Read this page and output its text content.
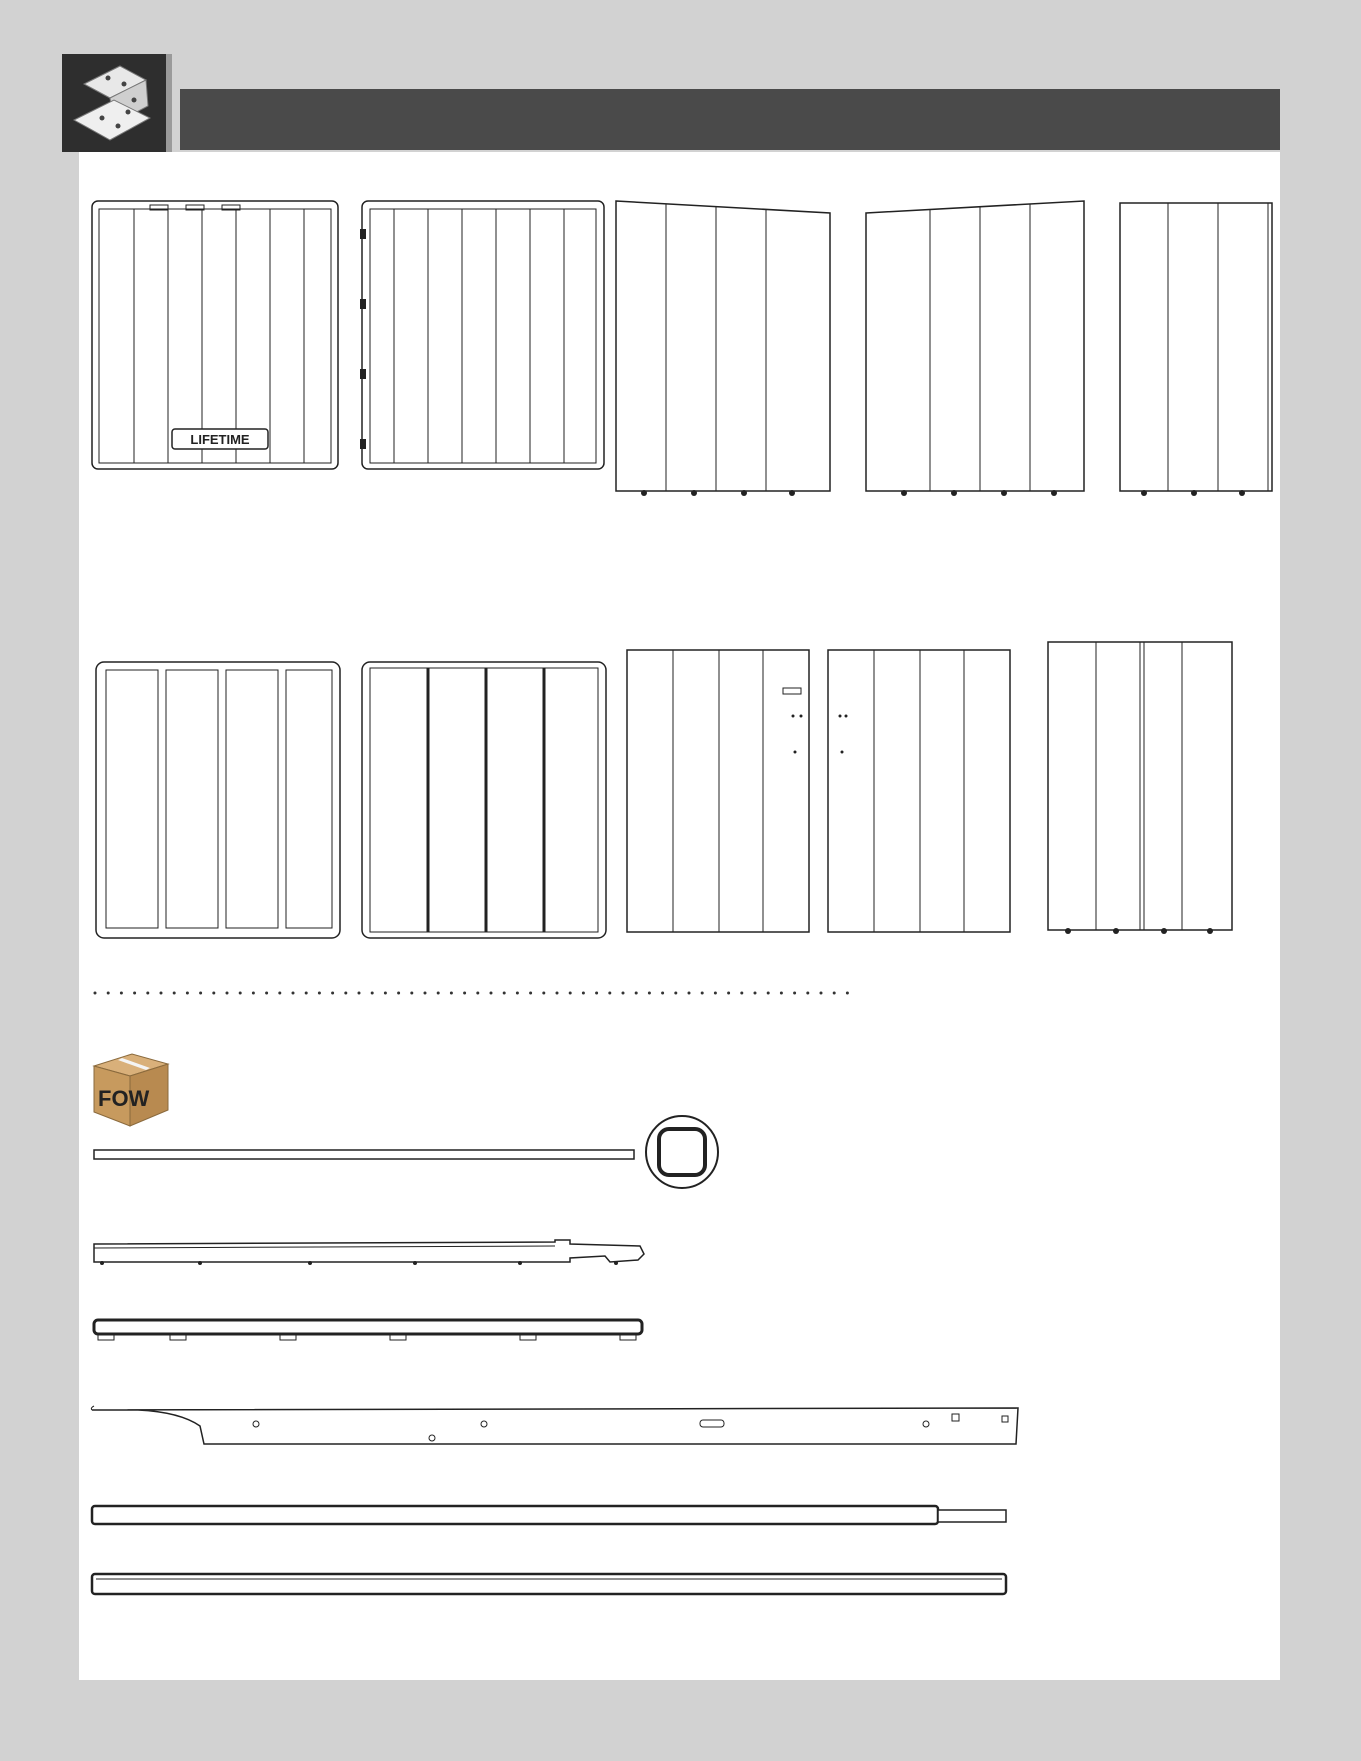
LIFETIME
FOW
